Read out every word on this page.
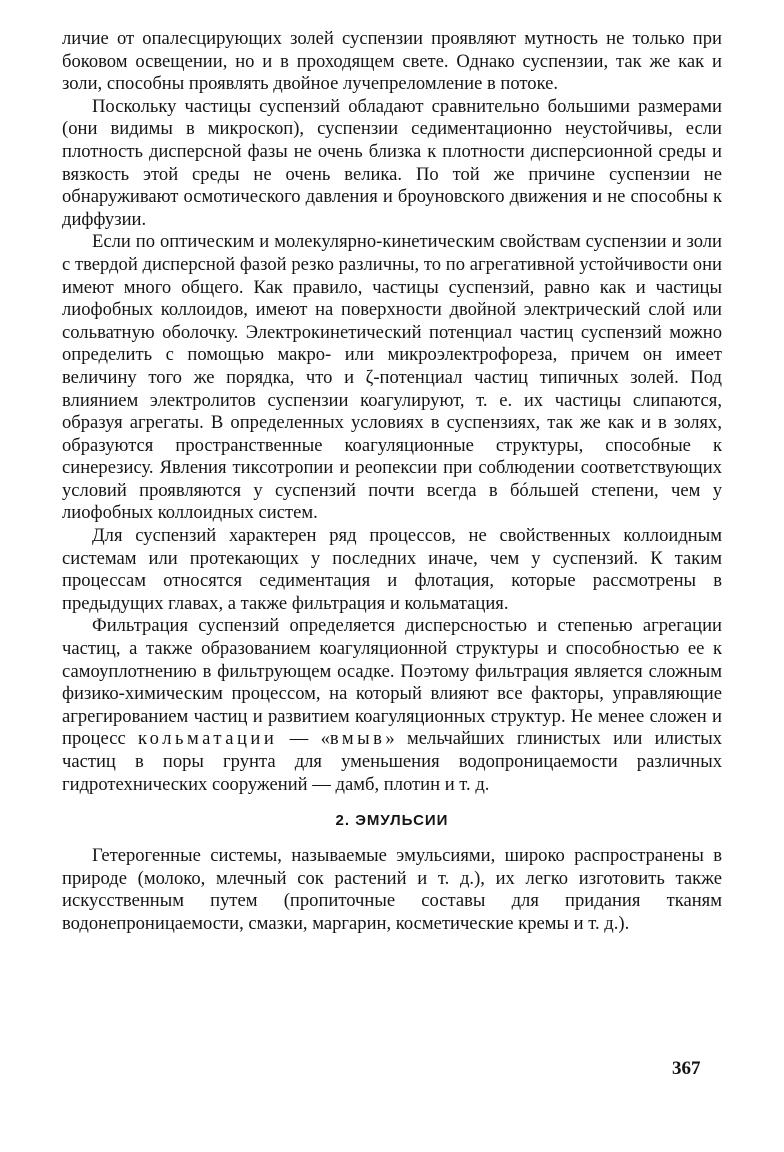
личие от опалесцирующих золей суспензии проявляют мутность не только при боковом освещении, но и в проходящем свете. Однако суспензии, так же как и золи, способны проявлять двойное лучепреломление в потоке.

Поскольку частицы суспензий обладают сравнительно большими размерами (они видимы в микроскоп), суспензии седиментационно неустойчивы, если плотность дисперсной фазы не очень близка к плотности дисперсионной среды и вязкость этой среды не очень велика. По той же причине суспензии не обнаруживают осмотического давления и броуновского движения и не способны к диффузии.

Если по оптическим и молекулярно-кинетическим свойствам суспензии и золи с твердой дисперсной фазой резко различны, то по агрегативной устойчивости они имеют много общего. Как правило, частицы суспензий, равно как и частицы лиофобных коллоидов, имеют на поверхности двойной электрический слой или сольватную оболочку. Электрокинетический потенциал частиц суспензий можно определить с помощью макро- или микроэлектрофореза, причем он имеет величину того же порядка, что и ζ-потенциал частиц типичных золей. Под влиянием электролитов суспензии коагулируют, т. е. их частицы слипаются, образуя агрегаты. В определенных условиях в суспензиях, так же как и в золях, образуются пространственные коагуляционные структуры, способные к синерезису. Явления тиксотропии и реопексии при соблюдении соответствующих условий проявляются у суспензий почти всегда в бóльшей степени, чем у лиофобных коллоидных систем.

Для суспензий характерен ряд процессов, не свойственных коллоидным системам или протекающих у последних иначе, чем у суспензий. К таким процессам относятся седиментация и флотация, которые рассмотрены в предыдущих главах, а также фильтрация и кольматация.

Фильтрация суспензий определяется дисперсностью и степенью агрегации частиц, а также образованием коагуляционной структуры и способностью ее к самоуплотнению в фильтрующем осадке. Поэтому фильтрация является сложным физико-химическим процессом, на который влияют все факторы, управляющие агрегированием частиц и развитием коагуляционных структур. Не менее сложен и процесс кольматации — «вмыв» мельчайших глинистых или илистых частиц в поры грунта для уменьшения водопроницаемости различных гидротехнических сооружений — дамб, плотин и т. д.

2. ЭМУЛЬСИИ

Гетерогенные системы, называемые эмульсиями, широко распространены в природе (молоко, млечный сок растений и т. д.), их легко изготовить также искусственным путем (пропиточные составы для придания тканям водонепроницаемости, смазки, маргарин, косметические кремы и т. д.).

367
